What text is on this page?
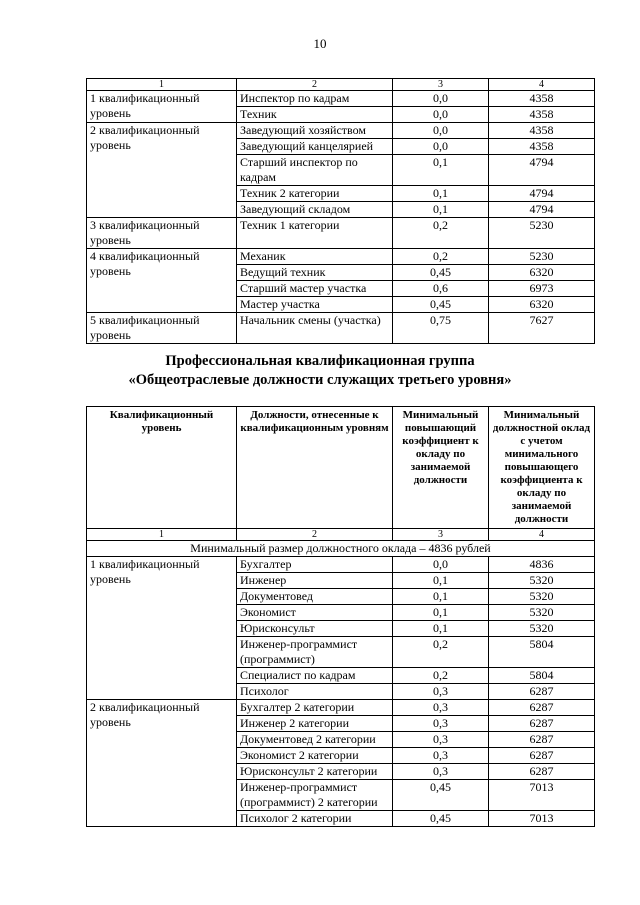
10
1	2	3	4
1 квалификационный уровень	Инспектор по кадрам	0,0	4358
	Техник	0,0	4358
2 квалификационный уровень	Заведующий хозяйством	0,0	4358
	Заведующий канцелярией	0,0	4358
	Старший инспектор по кадрам	0,1	4794
	Техник 2 категории	0,1	4794
	Заведующий складом	0,1	4794
3 квалификационный уровень	Техник 1 категории	0,2	5230
4 квалификационный уровень	Механик	0,2	5230
	Ведущий техник	0,45	6320
	Старший мастер участка	0,6	6973
	Мастер участка	0,45	6320
5 квалификационный уровень	Начальник смены (участка)	0,75	7627
Профессиональная квалификационная группа
«Общеотраслевые должности служащих третьего уровня»
Квалификационный уровень	Должности, отнесенные к квалификационным уровням	Минимальный повышающий коэффициент к окладу по занимаемой должности	Минимальный должностной оклад с учетом минимального повышающего коэффициента к окладу по занимаемой должности
1	2	3	4
Минимальный размер должностного оклада – 4836 рублей			
1 квалификационный уровень	Бухгалтер	0,0	4836
	Инженер	0,1	5320
	Документовед	0,1	5320
	Экономист	0,1	5320
	Юрисконсульт	0,1	5320
	Инженер-программист (программист)	0,2	5804
	Специалист по кадрам	0,2	5804
	Психолог	0,3	6287
2 квалификационный уровень	Бухгалтер 2 категории	0,3	6287
	Инженер 2 категории	0,3	6287
	Документовед 2 категории	0,3	6287
	Экономист 2 категории	0,3	6287
	Юрисконсульт 2 категории	0,3	6287
	Инженер-программист (программист) 2 категории	0,45	7013
	Психолог 2 категории	0,45	7013
